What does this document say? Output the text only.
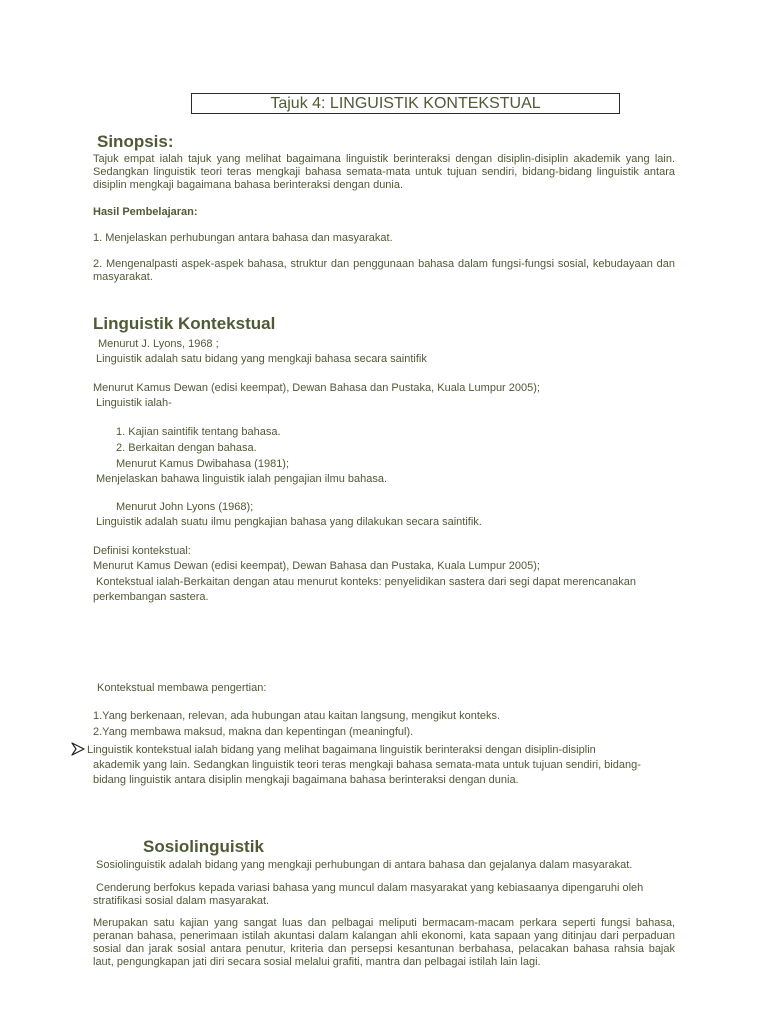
Tajuk 4: LINGUISTIK KONTEKSTUAL

Sinopsis:

Tajuk empat ialah tajuk yang melihat bagaimana linguistik berinteraksi dengan disiplin-disiplin akademik yang lain. Sedangkan linguistik teori teras mengkaji bahasa semata-mata untuk tujuan sendiri, bidang-bidang linguistik antara disiplin mengkaji bagaimana bahasa berinteraksi dengan dunia.

Hasil Pembelajaran:

1. Menjelaskan perhubungan antara bahasa dan masyarakat.

2. Mengenalpasti aspek-aspek bahasa, struktur dan penggunaan bahasa dalam fungsi-fungsi sosial, kebudayaan dan masyarakat.

Linguistik Kontekstual

Menurut J. Lyons, 1968 ;

Linguistik adalah satu bidang yang mengkaji bahasa secara saintifik

Menurut Kamus Dewan (edisi keempat), Dewan Bahasa dan Pustaka, Kuala Lumpur 2005);

Linguistik ialah-

1. Kajian saintifik tentang bahasa.

2. Berkaitan dengan bahasa.

Menurut Kamus Dwibahasa (1981);

Menjelaskan bahawa linguistik ialah pengajian ilmu bahasa.

Menurut John Lyons (1968);

Linguistik adalah suatu ilmu pengkajian bahasa yang dilakukan secara saintifik.

Definisi kontekstual:

Menurut Kamus Dewan (edisi keempat), Dewan Bahasa dan Pustaka, Kuala Lumpur 2005);

Kontekstual ialah-Berkaitan dengan atau menurut konteks: penyelidikan sastera dari segi dapat merencanakan

perkembangan sastera.

Kontekstual membawa pengertian:

1.Yang berkenaan, relevan, ada hubungan atau kaitan langsung, mengikut konteks.

2.Yang membawa maksud, makna dan kepentingan (meaningful).

Linguistik kontekstual ialah bidang yang melihat bagaimana linguistik berinteraksi dengan disiplin-disiplin

akademik yang lain. Sedangkan linguistik teori teras mengkaji bahasa semata-mata untuk tujuan sendiri, bidang-

bidang linguistik antara disiplin mengkaji bagaimana bahasa berinteraksi dengan dunia.

Sosiolinguistik

Sosiolinguistik adalah bidang yang mengkaji perhubungan di antara bahasa dan gejalanya dalam masyarakat.

Cenderung berfokus kepada variasi bahasa yang muncul dalam masyarakat yang kebiasaanya dipengaruhi oleh

stratifikasi sosial dalam masyarakat.

Merupakan satu kajian yang sangat luas dan pelbagai meliputi bermacam-macam perkara seperti fungsi bahasa, peranan bahasa, penerimaan istilah akuntasi dalam kalangan ahli ekonomi, kata sapaan yang ditinjau dari perpaduan sosial dan jarak sosial antara penutur, kriteria dan persepsi kesantunan berbahasa, pelacakan bahasa rahsia bajak laut, pengungkapan jati diri secara sosial melalui grafiti, mantra dan pelbagai istilah lain lagi.
